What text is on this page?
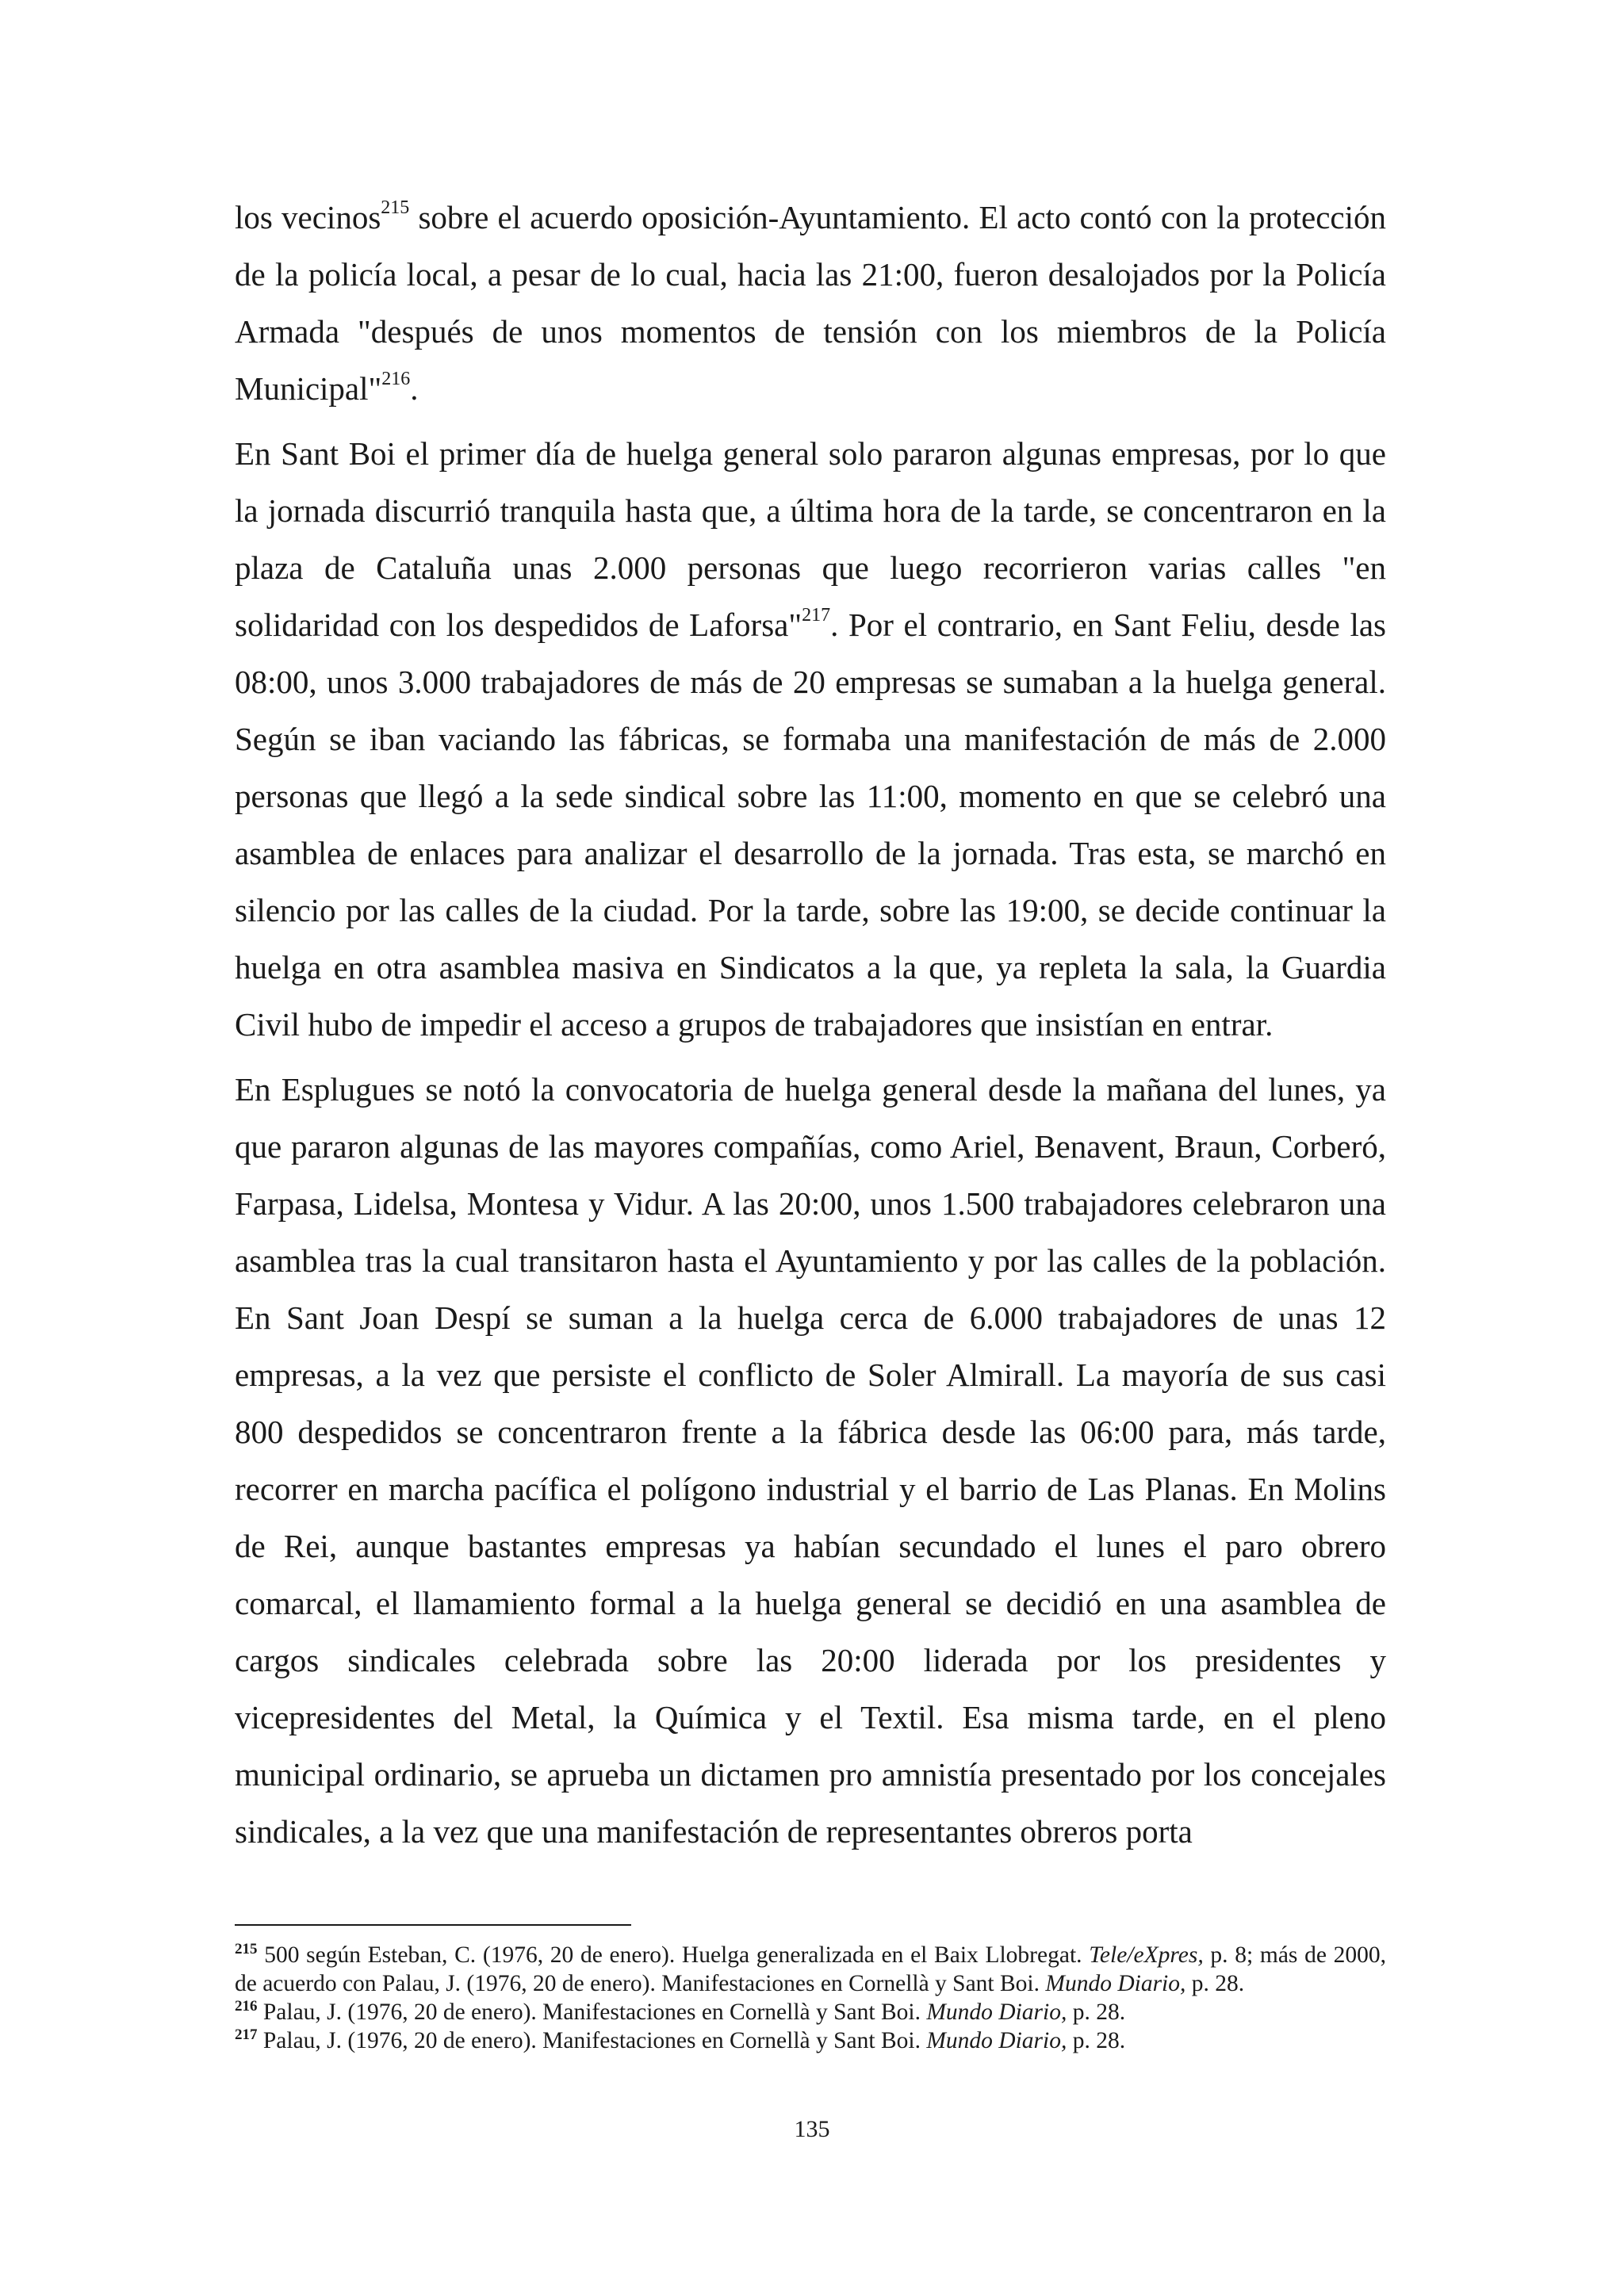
los vecinos$^{215}$ sobre el acuerdo oposición-Ayuntamiento. El acto contó con la protección de la policía local, a pesar de lo cual, hacia las 21:00, fueron desalojados por la Policía Armada "después de unos momentos de tensión con los miembros de la Policía Municipal"$^{216}$.

En Sant Boi el primer día de huelga general solo pararon algunas empresas, por lo que la jornada discurrió tranquila hasta que, a última hora de la tarde, se concentraron en la plaza de Cataluña unas 2.000 personas que luego recorrieron varias calles "en solidaridad con los despedidos de Laforsa"$^{217}$. Por el contrario, en Sant Feliu, desde las 08:00, unos 3.000 trabajadores de más de 20 empresas se sumaban a la huelga general. Según se iban vaciando las fábricas, se formaba una manifestación de más de 2.000 personas que llegó a la sede sindical sobre las 11:00, momento en que se celebró una asamblea de enlaces para analizar el desarrollo de la jornada. Tras esta, se marchó en silencio por las calles de la ciudad. Por la tarde, sobre las 19:00, se decide continuar la huelga en otra asamblea masiva en Sindicatos a la que, ya repleta la sala, la Guardia Civil hubo de impedir el acceso a grupos de trabajadores que insistían en entrar.

En Esplugues se notó la convocatoria de huelga general desde la mañana del lunes, ya que pararon algunas de las mayores compañías, como Ariel, Benavent, Braun, Corberó, Farpasa, Lidelsa, Montesa y Vidur. A las 20:00, unos 1.500 trabajadores celebraron una asamblea tras la cual transitaron hasta el Ayuntamiento y por las calles de la población. En Sant Joan Despí se suman a la huelga cerca de 6.000 trabajadores de unas 12 empresas, a la vez que persiste el conflicto de Soler Almirall. La mayoría de sus casi 800 despedidos se concentraron frente a la fábrica desde las 06:00 para, más tarde, recorrer en marcha pacífica el polígono industrial y el barrio de Las Planas. En Molins de Rei, aunque bastantes empresas ya habían secundado el lunes el paro obrero comarcal, el llamamiento formal a la huelga general se decidió en una asamblea de cargos sindicales celebrada sobre las 20:00 liderada por los presidentes y vicepresidentes del Metal, la Química y el Textil. Esa misma tarde, en el pleno municipal ordinario, se aprueba un dictamen pro amnistía presentado por los concejales sindicales, a la vez que una manifestación de representantes obreros porta

$^{215}$ 500 según Esteban, C. (1976, 20 de enero). Huelga generalizada en el Baix Llobregat. Tele/eXpres, p. 8; más de 2000, de acuerdo con Palau, J. (1976, 20 de enero). Manifestaciones en Cornellà y Sant Boi. Mundo Diario, p. 28.

$^{216}$ Palau, J. (1976, 20 de enero). Manifestaciones en Cornellà y Sant Boi. Mundo Diario, p. 28.

$^{217}$ Palau, J. (1976, 20 de enero). Manifestaciones en Cornellà y Sant Boi. Mundo Diario, p. 28.

135
